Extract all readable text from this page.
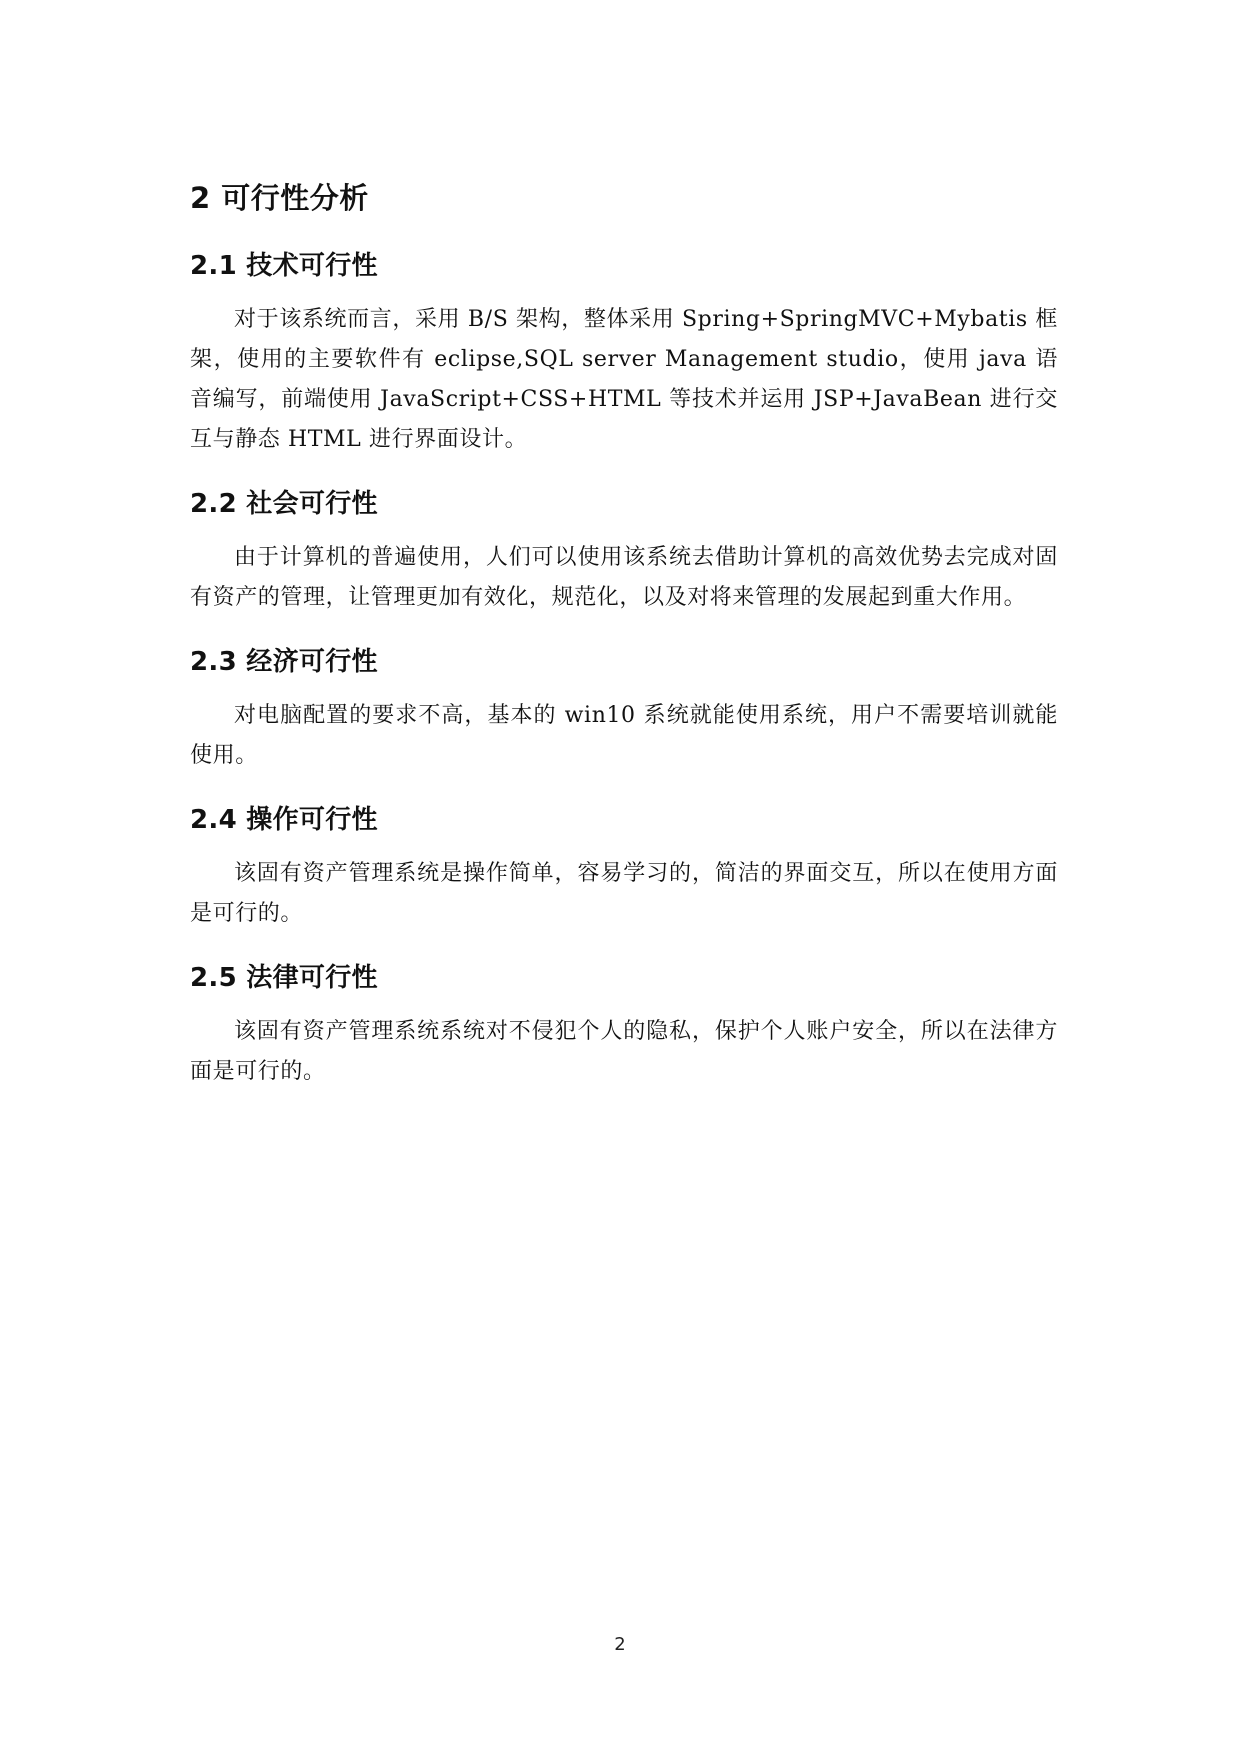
2 可行性分析
2.1 技术可行性

对于该系统而言，采用 B/S 架构，整体采用 Spring+SpringMVC+Mybatis 框架，使用的主要软件有 eclipse,SQL server Management studio，使用 java 语音编写，前端使用 JavaScript+CSS+HTML 等技术并运用 JSP+JavaBean 进行交互与静态 HTML 进行界面设计。

2.2 社会可行性

由于计算机的普遍使用，人们可以使用该系统去借助计算机的高效优势去完成对固有资产的管理，让管理更加有效化，规范化，以及对将来管理的发展起到重大作用。

2.3 经济可行性

对电脑配置的要求不高，基本的 win10 系统就能使用系统，用户不需要培训就能使用。

2.4 操作可行性

该固有资产管理系统是操作简单，容易学习的，简洁的界面交互，所以在使用方面是可行的。

2.5 法律可行性

该固有资产管理系统系统对不侵犯个人的隐私，保护个人账户安全，所以在法律方面是可行的。

2
